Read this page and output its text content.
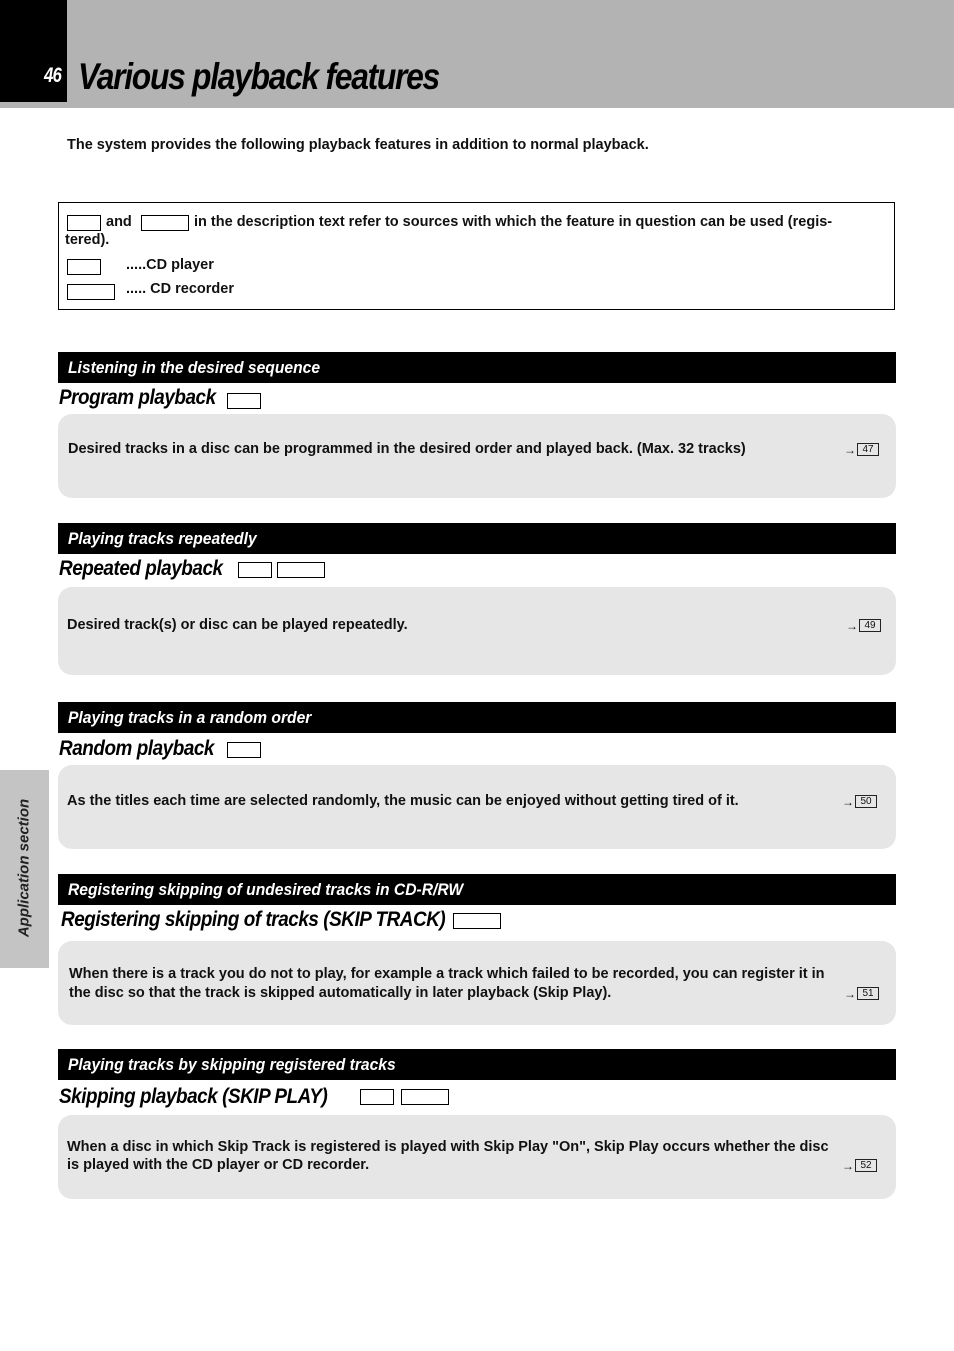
46 Various playback features
The system provides the following playback features in addition to normal playback.
and	in the description text refer to sources with which the feature in question can be used (regis-
tered).
.....CD player
..... CD recorder
Listening in the desired sequence
Program playback
Desired tracks in a disc can be programmed in the desired order and played back. (Max. 32 tracks)	→ 47
Playing tracks repeatedly
Repeated playback
Desired track(s) or disc can be played repeatedly.	→ 49
Playing tracks in a random order
Random playback
As the titles each time are selected randomly, the music can be enjoyed without getting tired of it.	→ 50
Registering skipping of undesired tracks in CD-R/RW
Registering skipping of tracks (SKIP TRACK)
When there is a track you do not to play, for example a track which failed to be recorded, you can register it in
the disc so that the track is skipped automatically in later playback (Skip Play).	→ 51
Playing tracks by skipping registered tracks
Skipping playback (SKIP PLAY)
When a disc in which Skip Track is registered is played with Skip Play "On", Skip Play occurs whether the disc
is played with the CD player or CD recorder.	→ 52
Application section
